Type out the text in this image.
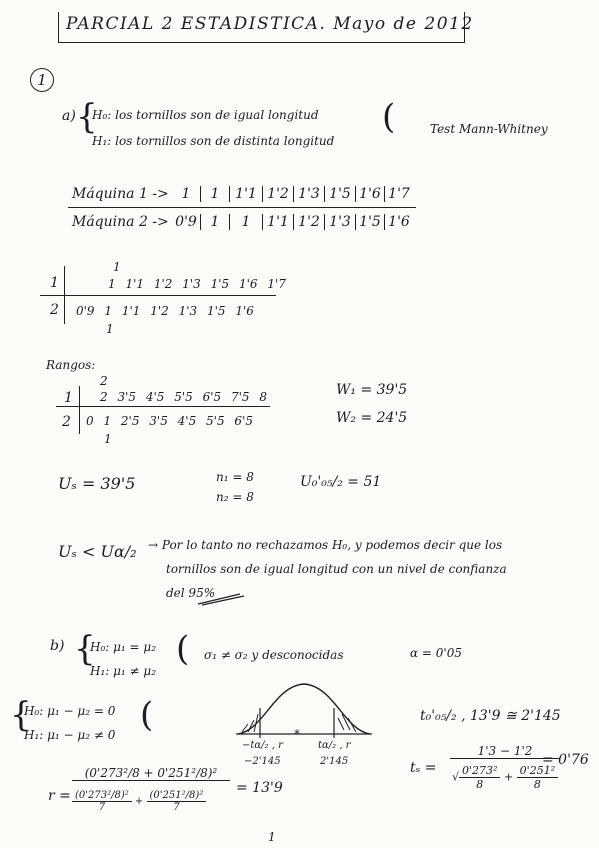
PARCIAL 2 ESTADISTICA. Mayo de 2012
1
a) {
H₀: los tornillos son de igual longitud
H₁: los tornillos son de distinta longitud
(	Test Mann-Whitney
Máquina 1 -> 1	1	1'1 1'2 1'3 1'5 1'6 1'7
Máquina 2 -> 0'9 1	1	1'1 1'2 1'3 1'5 1'6
1
1	1 1'1 1'2 1'3 1'5 1'6 1'7
2 0'9 1 1'1 1'2 1'3 1'5 1'6
1
Rangos:
2
1 2 3'5 4'5 5'5 6'5 7'5 8
2 0 1 2'5 3'5 4'5 5'5 6'5
1
W₁ = 39'5
W₂ = 24'5
Uₛ = 39'5	n₁ = 8
n₂ = 8
U₀'₀₅/₂ = 51
Uₛ < Uα/₂ → Por lo tanto no rechazamos H₀, y podemos decir que los
tornillos son de igual longitud con un nivel de confianza
del 95%
b) {
H₀: μ₁ = μ₂
H₁: μ₁ ≠ μ₂
( σ₁ ≠ σ₂ y desconocidas	α = 0'05
{
H₀: μ₁ − μ₂ = 0
H₁: μ₁ − μ₂ ≠ 0 (	*
−tα/₂ , r
−2'145
tα/₂ , r
2'145
t₀'₀₅/₂ , 13'9 ≅ 2'145
tₛ =
1'3 − 1'2
√ $\frac{\text{0'273²}}{8} + \frac{\text{0'251²}}{8}$
= 0'76
r =
(0'273²/8 + 0'251²/8)²
$\frac{\text{(0'273²/8)²}}{7} + \frac{\text{(0'251²/8)²}}{7}$
= 13'9
1
